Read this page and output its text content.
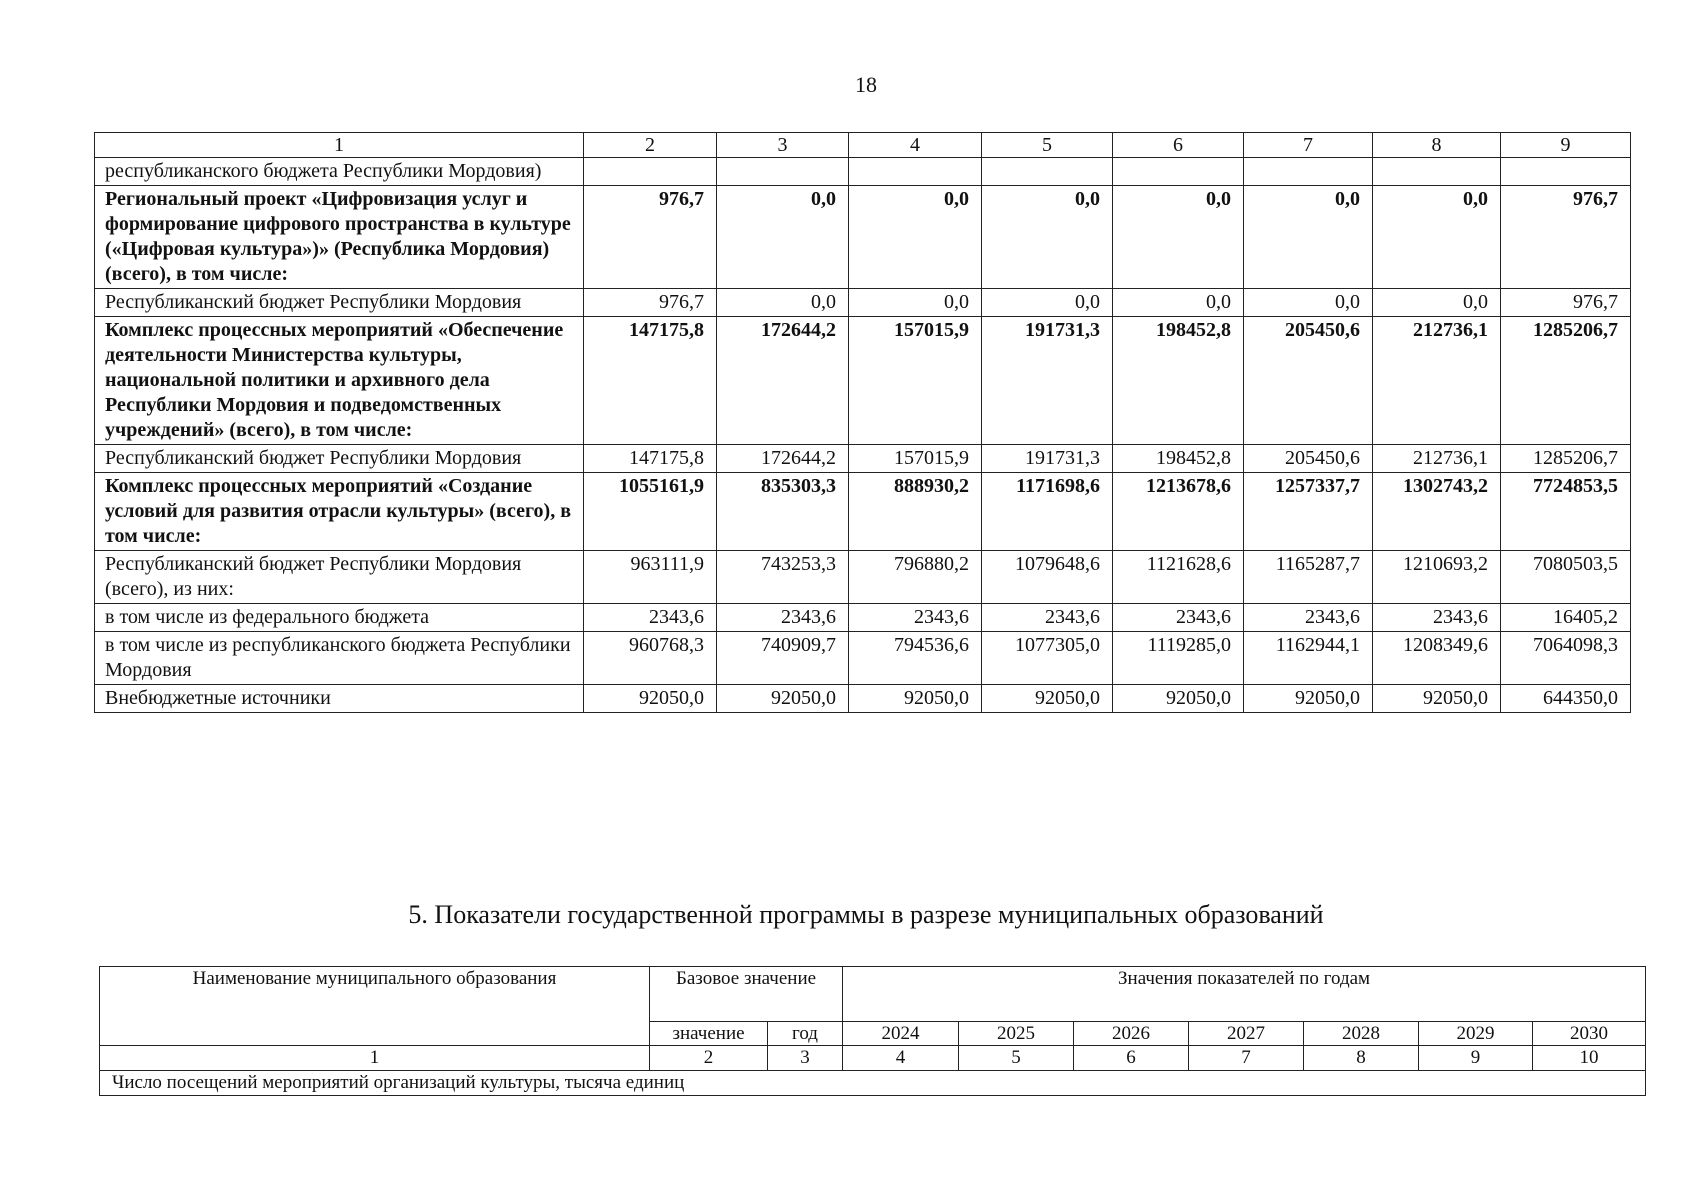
18
1	2	3	4	5	6	7	8	9
республиканского бюджета Республики Мордовия)								
Региональный проект «Цифровизация услуг и формирование цифрового пространства в культуре («Цифровая культура»)» (Республика Мордовия) (всего), в том числе:	976,7	0,0	0,0	0,0	0,0	0,0	0,0	976,7
Республиканский бюджет Республики Мордовия	976,7	0,0	0,0	0,0	0,0	0,0	0,0	976,7
Комплекс процессных мероприятий «Обеспечение деятельности Министерства культуры, национальной политики и архивного дела Республики Мордовия и подведомственных учреждений» (всего), в том числе:	147175,8	172644,2	157015,9	191731,3	198452,8	205450,6	212736,1	1285206,7
Республиканский бюджет Республики Мордовия	147175,8	172644,2	157015,9	191731,3	198452,8	205450,6	212736,1	1285206,7
Комплекс процессных мероприятий «Создание условий для развития отрасли культуры» (всего), в том числе:	1055161,9	835303,3	888930,2	1171698,6	1213678,6	1257337,7	1302743,2	7724853,5
Республиканский бюджет Республики Мордовия (всего), из них:	963111,9	743253,3	796880,2	1079648,6	1121628,6	1165287,7	1210693,2	7080503,5
в том числе из федерального бюджета	2343,6	2343,6	2343,6	2343,6	2343,6	2343,6	2343,6	16405,2
в том числе из республиканского бюджета Республики Мордовия	960768,3	740909,7	794536,6	1077305,0	1119285,0	1162944,1	1208349,6	7064098,3
Внебюджетные источники	92050,0	92050,0	92050,0	92050,0	92050,0	92050,0	92050,0	644350,0
5. Показатели государственной программы в разрезе муниципальных образований
Наименование муниципального образования	Базовое значение		Значения показателей по годам						
	значение	год	2024	2025	2026	2027	2028	2029	2030
1	2	3	4	5	6	7	8	9	10
Число посещений мероприятий организаций культуры, тысяча единиц									
